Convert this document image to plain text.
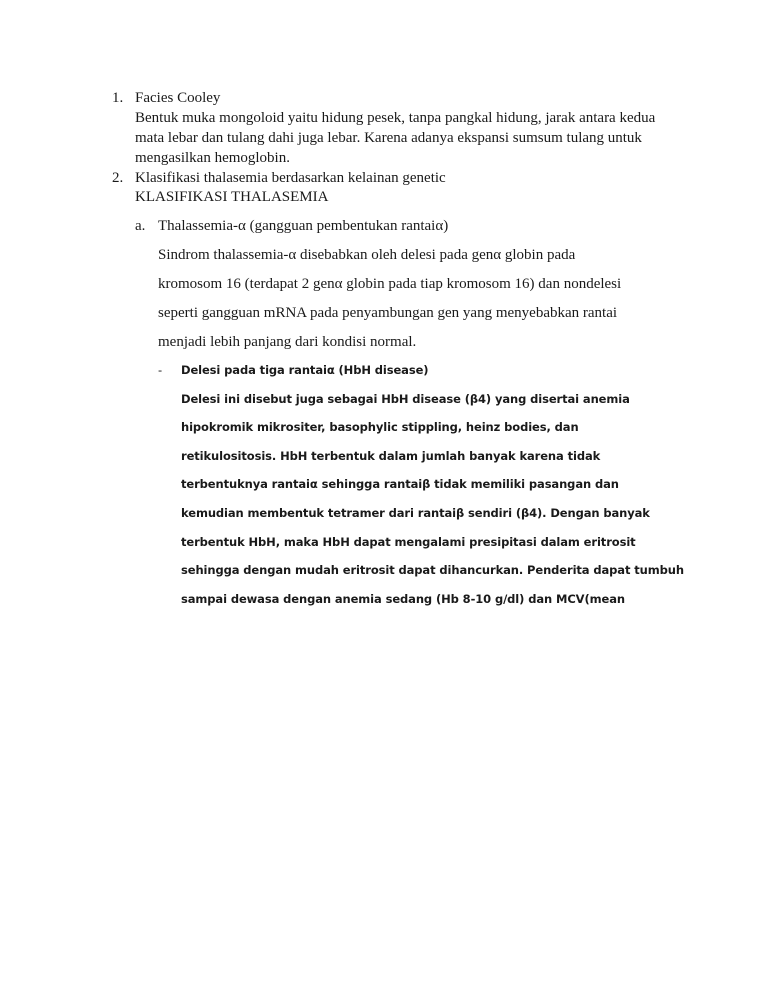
1. Facies Cooley
Bentuk muka mongoloid yaitu hidung pesek, tanpa pangkal hidung, jarak antara kedua
mata lebar dan tulang dahi juga lebar. Karena adanya ekspansi sumsum tulang untuk
mengasilkan hemoglobin.
2. Klasifikasi thalasemia berdasarkan kelainan genetic
KLASIFIKASI THALASEMIA
a. Thalassemia-α (gangguan pembentukan rantaiα)
Sindrom thalassemia-α disebabkan oleh delesi pada genα globin pada
kromosom 16 (terdapat 2 genα globin pada tiap kromosom 16) dan nondelesi
seperti gangguan mRNA pada penyambungan gen yang menyebabkan rantai
menjadi lebih panjang dari kondisi normal.
- Delesi pada tiga rantaiα (HbH disease)
Delesi ini disebut juga sebagai HbH disease (β4) yang disertai anemia
hipokromik mikrositer, basophylic stippling, heinz bodies, dan
retikulositosis. HbH terbentuk dalam jumlah banyak karena tidak
terbentuknya rantaiα sehingga rantaiβ tidak memiliki pasangan dan
kemudian membentuk tetramer dari rantaiβ sendiri (β4). Dengan banyak
terbentuk HbH, maka HbH dapat mengalami presipitasi dalam eritrosit
sehingga dengan mudah eritrosit dapat dihancurkan. Penderita dapat tumbuh
sampai dewasa dengan anemia sedang (Hb 8-10 g/dl) dan MCV(mean
